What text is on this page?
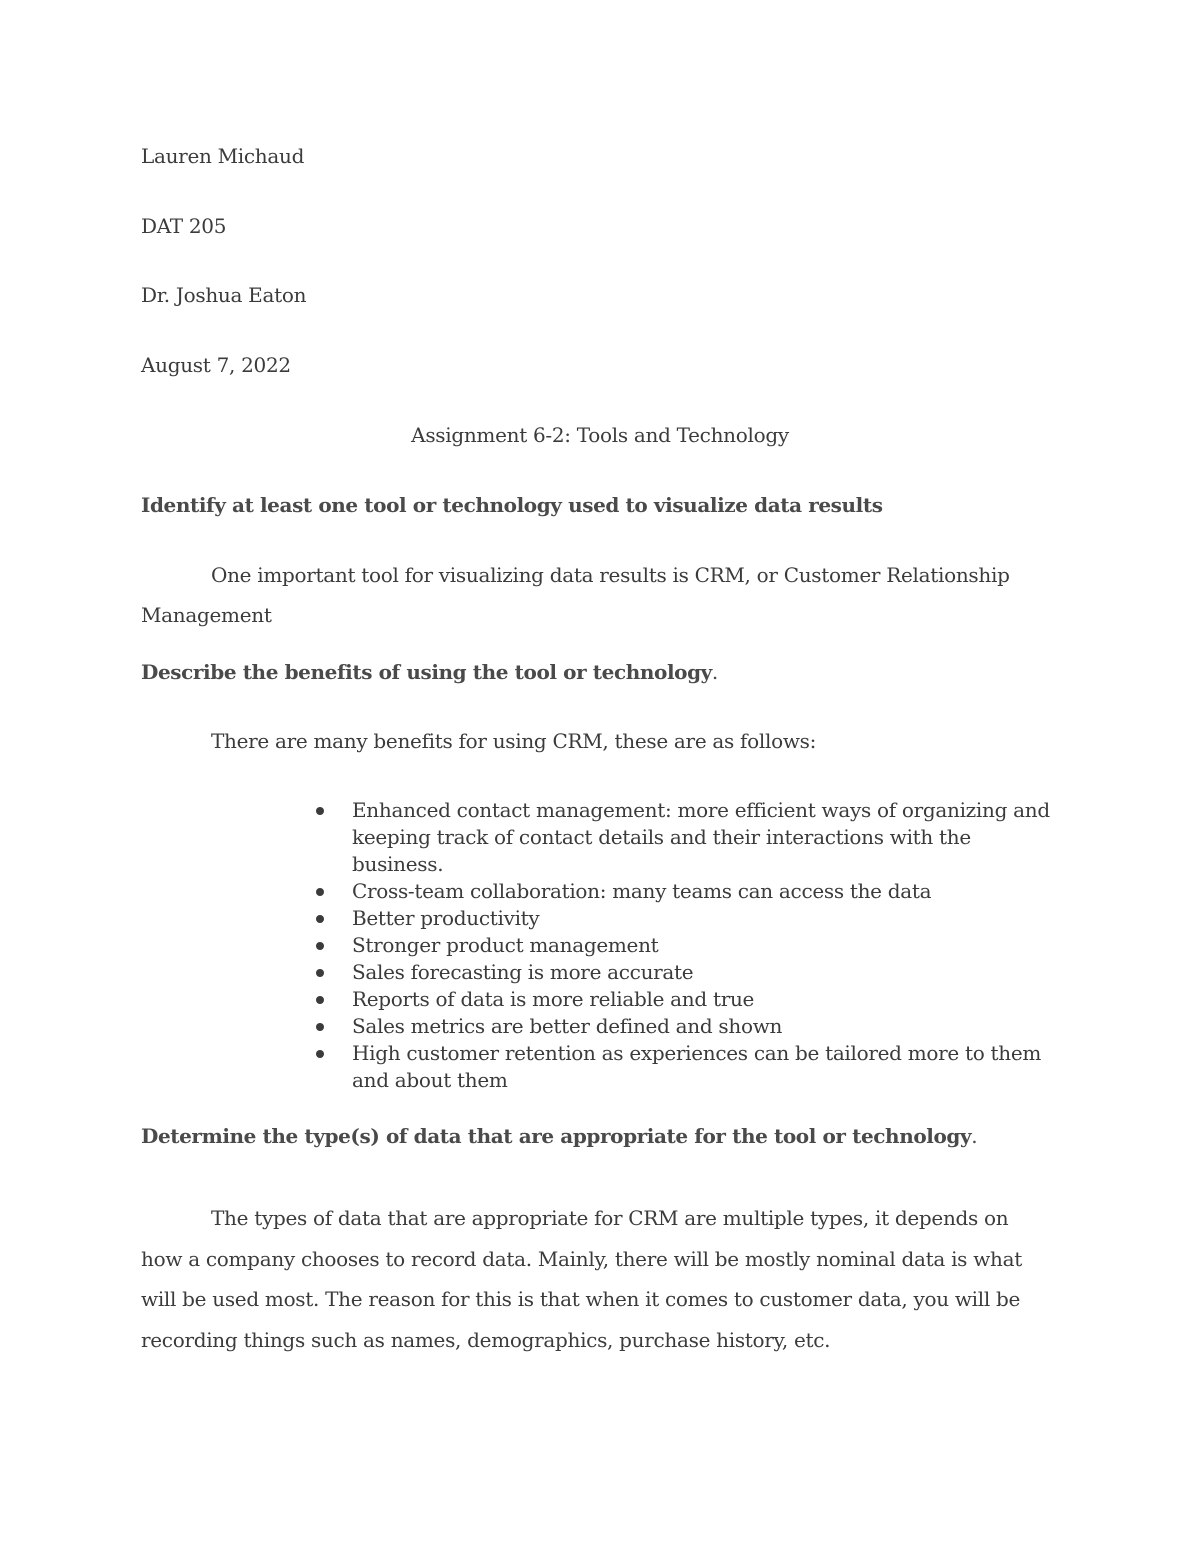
Lauren Michaud
DAT 205
Dr. Joshua Eaton
August 7, 2022
Assignment 6-2: Tools and Technology
Identify at least one tool or technology used to visualize data results
One important tool for visualizing data results is CRM, or Customer Relationship
Management
Describe the benefits of using the tool or technology.
There are many benefits for using CRM, these are as follows:
Enhanced contact management: more efficient ways of organizing and keeping track of contact details and their interactions with the business.
Cross-team collaboration: many teams can access the data
Better productivity
Stronger product management
Sales forecasting is more accurate
Reports of data is more reliable and true
Sales metrics are better defined and shown
High customer retention as experiences can be tailored more to them and about them
Determine the type(s) of data that are appropriate for the tool or technology.

The types of data that are appropriate for CRM are multiple types, it depends on how a company chooses to record data. Mainly, there will be mostly nominal data is what will be used most. The reason for this is that when it comes to customer data, you will be recording things such as names, demographics, purchase history, etc.
